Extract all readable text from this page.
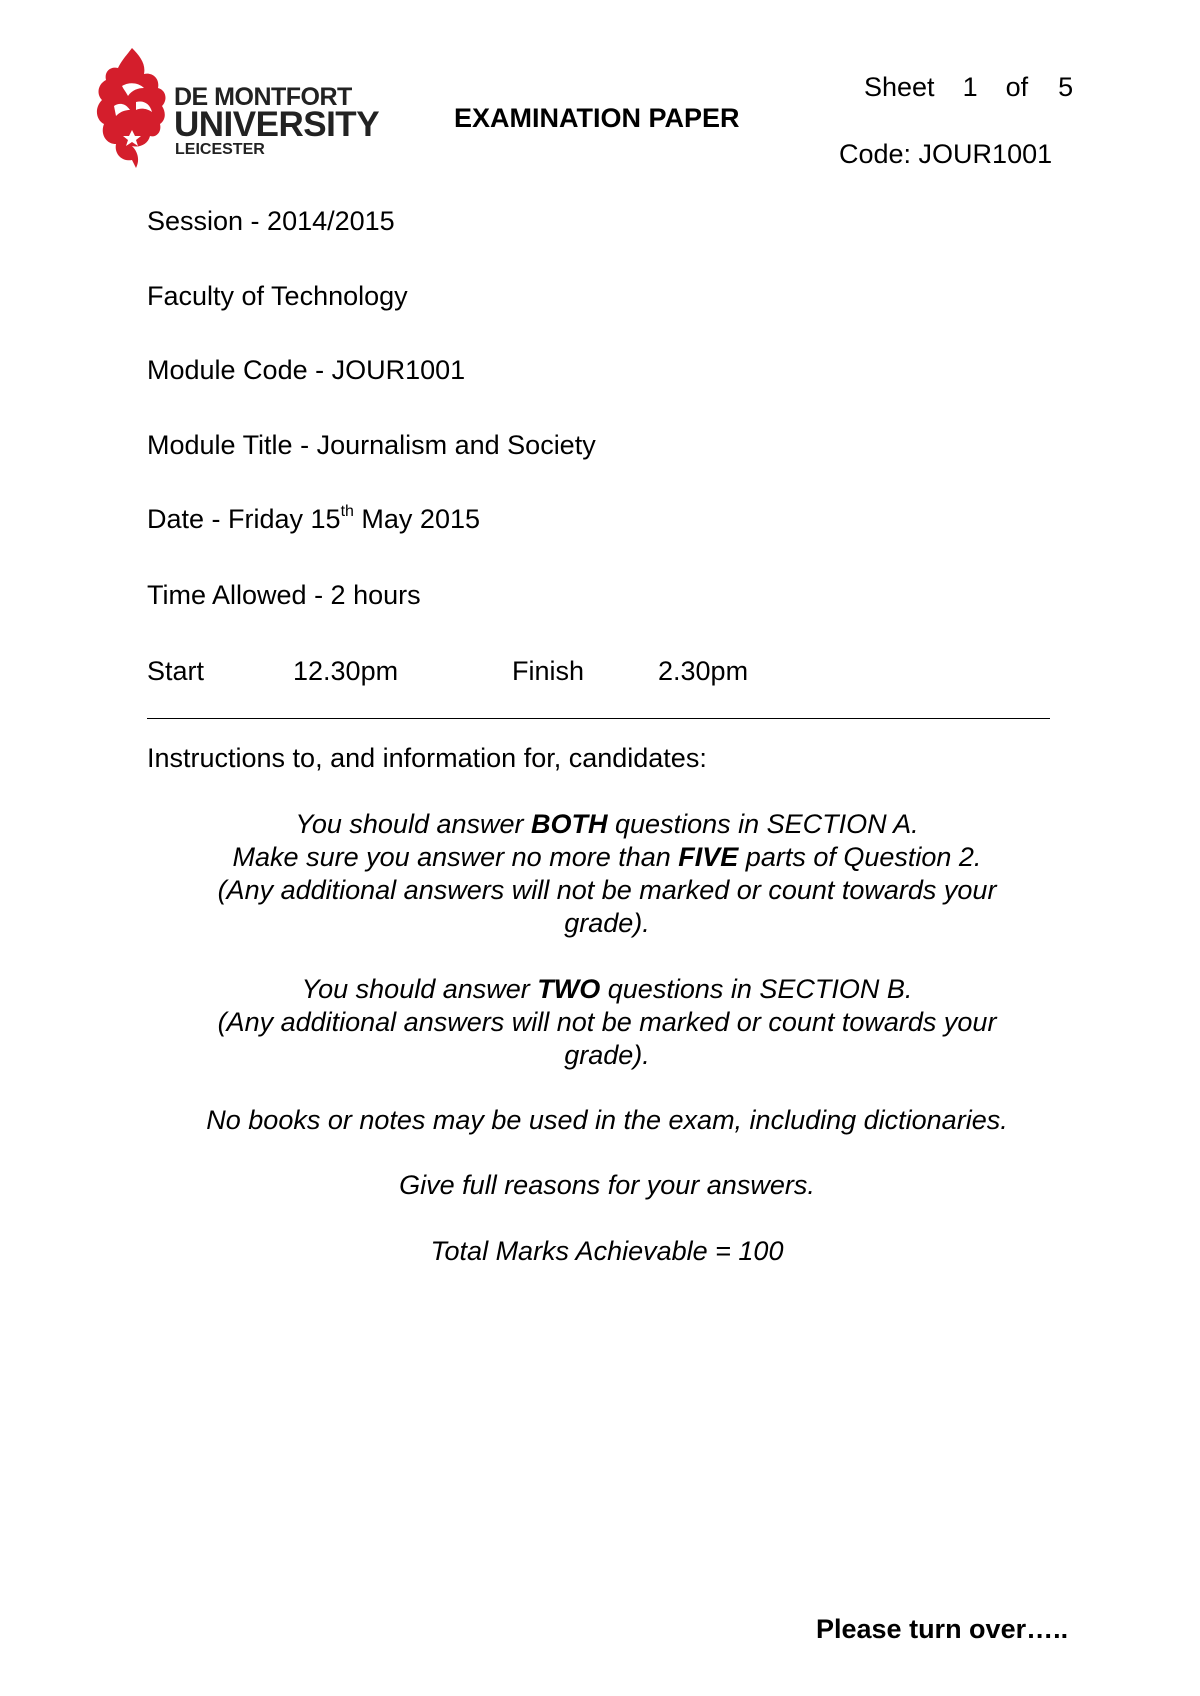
DE MONTFORT
UNIVERSITY
LEICESTER
EXAMINATION PAPER
Sheet 1 of 5
Code: JOUR1001
Session - 2014/2015
Faculty of Technology
Module Code - JOUR1001
Module Title - Journalism and Society
Date - Friday 15th May 2015
Time Allowed - 2 hours
Start	12.30pm	Finish	2.30pm
Instructions to, and information for, candidates:
You should answer BOTH questions in SECTION A.
Make sure you answer no more than FIVE parts of Question 2.
(Any additional answers will not be marked or count towards your
grade).
You should answer TWO questions in SECTION B.
(Any additional answers will not be marked or count towards your
grade).
No books or notes may be used in the exam, including dictionaries.
Give full reasons for your answers.
Total Marks Achievable = 100
Please turn over…..
